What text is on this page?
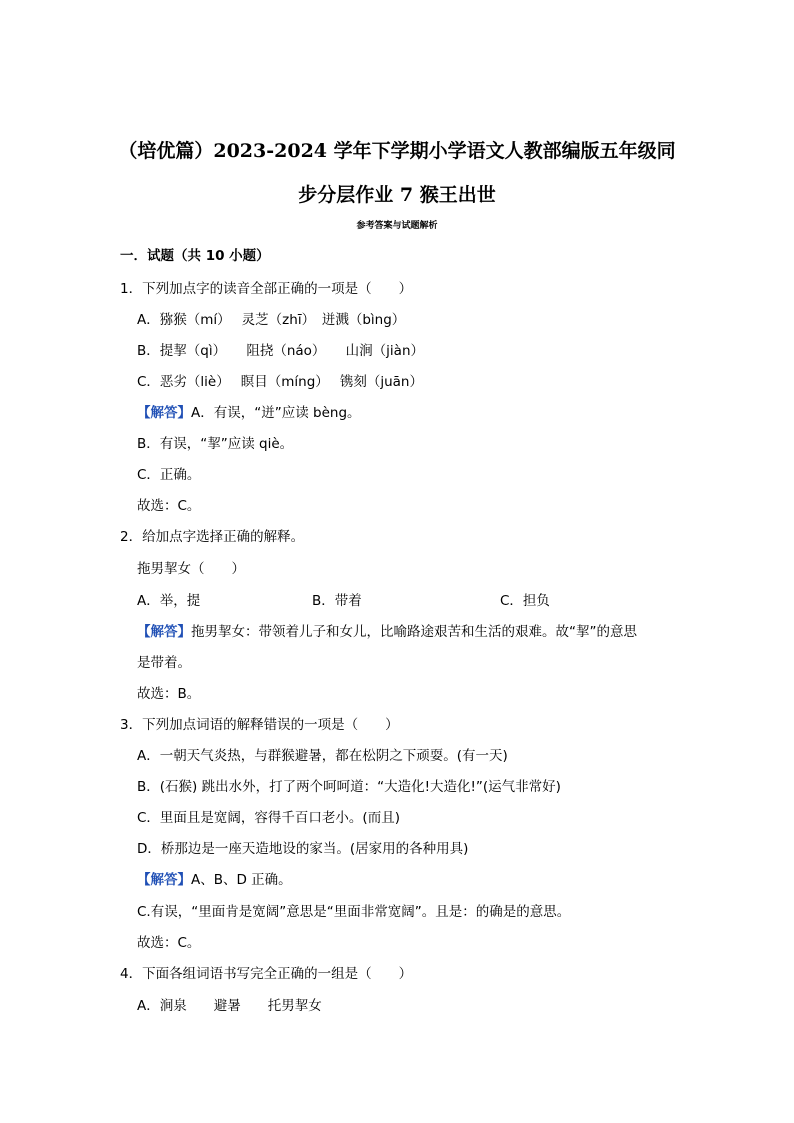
（培优篇）2023-2024 学年下学期小学语文人教部编版五年级同
步分层作业 7 猴王出世
参考答案与试题解析
一．试题（共 10 小题）
1．下列加点字的读音全部正确的一项是（　　）
A．猕猴（mí）　 灵芝（zhī）　迸溅（bìng）
B．提挈（qì）　　阻挠（náo）　　山涧（jiàn）
C．恶劣（liè）　 瞑目（míng）　 镌刻（juān）
【解答】A．有误，“迸”应读 bèng。
B．有误，“挈”应读 qiè。
C．正确。
故选：C。
2．给加点字选择正确的解释。
拖男挈女（　　）
A．举，提	B．带着	C．担负
【解答】拖男挈女：带领着儿子和女儿，比喻路途艰苦和生活的艰难。故“挈”的意思
是带着。
故选：B。
3．下列加点词语的解释错误的一项是（　　）
A．一朝天气炎热，与群猴避暑，都在松阴之下顽耍。(有一天)
B．(石猴) 跳出水外，打了两个呵呵道：“大造化!大造化!”(运气非常好)
C．里面且是宽阔，容得千百口老小。(而且)
D．桥那边是一座天造地设的家当。(居家用的各种用具)
【解答】A、B、D 正确。
C.有误，“里面肯是宽阔”意思是“里面非常宽阔”。且是：的确是的意思。
故选：C。
4．下面各组词语书写完全正确的一组是（　　）
A．涧泉　　避暑　　托男挈女
